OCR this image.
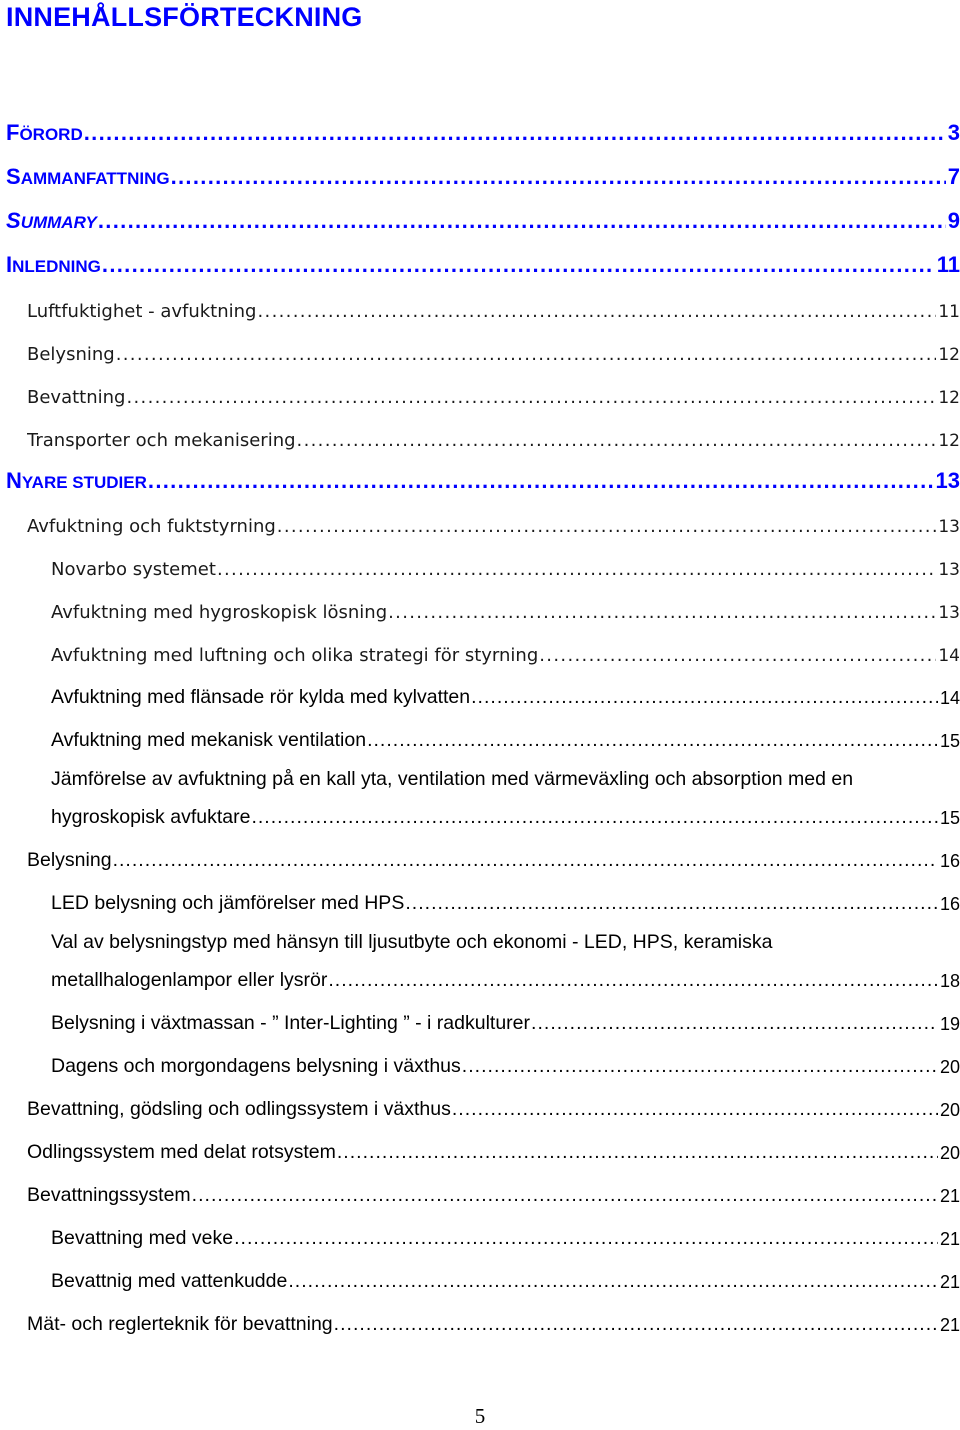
INNEHÅLLSFÖRTECKNING
FÖRORD . . .	3
SAMMANFATTNING . . .	7
SUMMARY . . .	9
INLEDNING . . .	11
Luftfuktighet - avfuktning . . .	11
Belysning . . .	12
Bevattning . . .	12
Transporter och mekanisering . . .	12
NYARE STUDIER . . .	13
Avfuktning och fuktstyrning . . .	13
Novarbo systemet . . .	13
Avfuktning med hygroskopisk lösning . . .	13
Avfuktning med luftning och olika strategi för styrning . . .	14
Avfuktning med flänsade rör kylda med kylvatten . . .	14
Avfuktning med mekanisk ventilation . . .	15
Jämförelse av avfuktning på en kall yta, ventilation med värmeväxling och absorption med en
hygroskopisk avfuktare . . .	15
Belysning . . .	16
LED belysning och jämförelser med HPS . . .	16
Val av belysningstyp med hänsyn till ljusutbyte och ekonomi - LED, HPS, keramiska
metallhalogenlampor eller lysrör . . .	18
Belysning i växtmassan - ” Inter-Lighting ” - i radkulturer . . .	19
Dagens och morgondagens belysning i växthus . . .	20
Bevattning, gödsling och odlingssystem i växthus . . .	20
Odlingssystem med delat rotsystem . . .	20
Bevattningssystem . . .	21
Bevattning med veke . . .	21
Bevattnig med vattenkudde . . .	21
Mät- och reglerteknik för bevattning . . .	21
5
